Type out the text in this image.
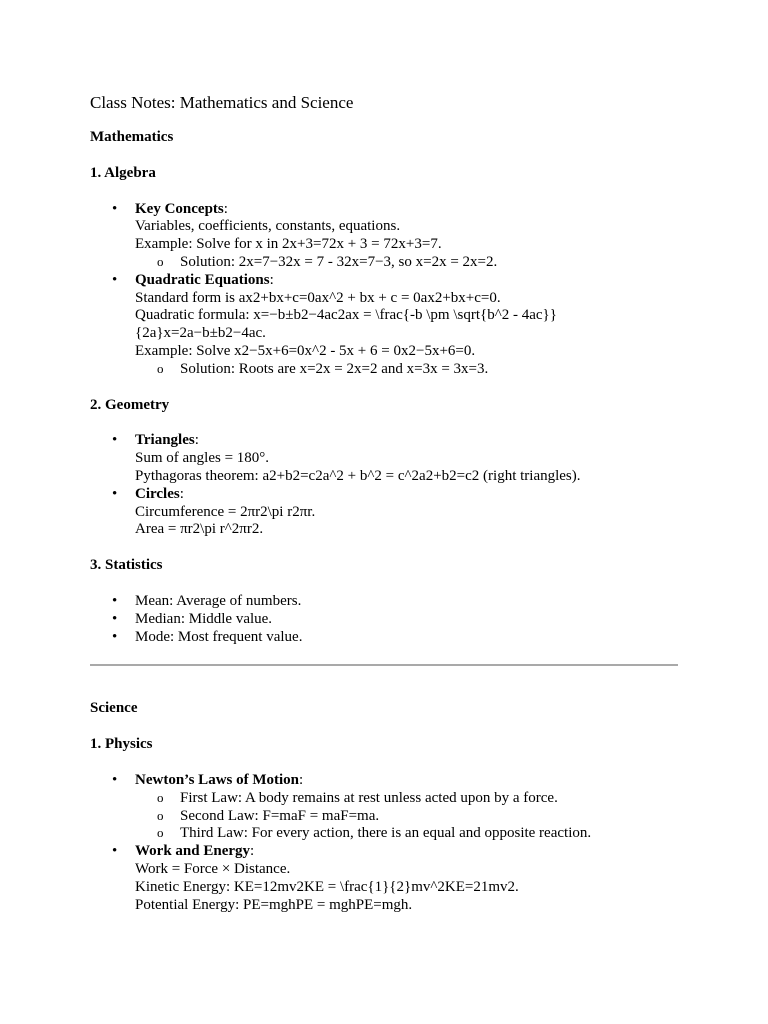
Class Notes: Mathematics and Science

Mathematics

1. Algebra

• Key Concepts:
Variables, coefficients, constants, equations.
Example: Solve for x in 2x+3=72x + 3 = 72x+3=7.
o Solution: 2x=7−32x = 7 - 32x=7−3, so x=2x = 2x=2.
• Quadratic Equations:
Standard form is ax2+bx+c=0ax^2 + bx + c = 0ax2+bx+c=0.
Quadratic formula: x=−b±b2−4ac2ax = \frac{-b \pm \sqrt{b^2 - 4ac}}
{2a}x=2a−b±b2−4ac.
Example: Solve x2−5x+6=0x^2 - 5x + 6 = 0x2−5x+6=0.
o Solution: Roots are x=2x = 2x=2 and x=3x = 3x=3.

2. Geometry

• Triangles:
Sum of angles = 180°.
Pythagoras theorem: a2+b2=c2a^2 + b^2 = c^2a2+b2=c2 (right triangles).
• Circles:
Circumference = 2πr2\pi r2πr.
Area = πr2\pi r^2πr2.

3. Statistics

• Mean: Average of numbers.
• Median: Middle value.
• Mode: Most frequent value.

Science

1. Physics

• Newton’s Laws of Motion:
o First Law: A body remains at rest unless acted upon by a force.
o Second Law: F=maF = maF=ma.
o Third Law: For every action, there is an equal and opposite reaction.
• Work and Energy:
Work = Force × Distance.
Kinetic Energy: KE=12mv2KE = \frac{1}{2}mv^2KE=21mv2.
Potential Energy: PE=mghPE = mghPE=mgh.
